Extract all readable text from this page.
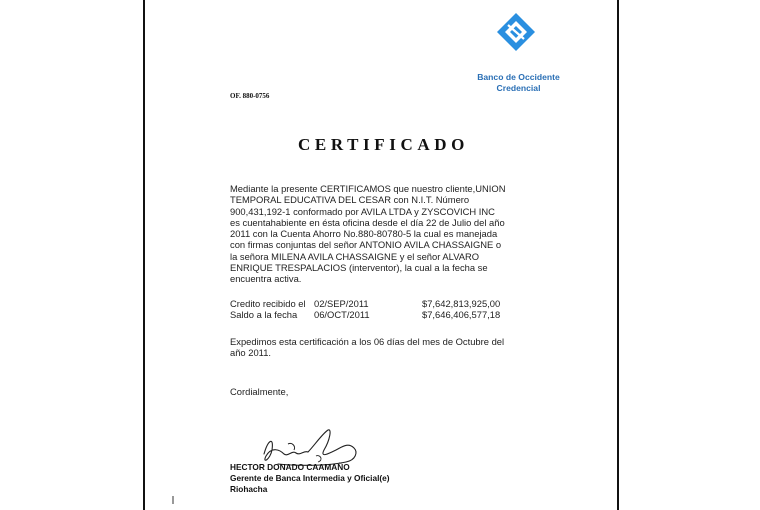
Banco de Occidente
Credencial
OF. 880-0756
CERTIFICADO
Mediante la presente CERTIFICAMOS que nuestro cliente,UNION
TEMPORAL EDUCATIVA DEL CESAR con N.I.T. Número
900,431,192-1 conformado por AVILA LTDA y ZYSCOVICH INC
es cuentahabiente en ésta oficina desde el día 22 de Julio del año
2011 con la Cuenta Ahorro No.880-80780-5 la cual es manejada
con firmas conjuntas del señor ANTONIO AVILA CHASSAIGNE o
la señora MILENA AVILA CHASSAIGNE y el señor ALVARO
ENRIQUE TRESPALACIOS (interventor), la cual a la fecha se
encuentra activa.
Credito recibido el 02/SEP/2011	$7,642,813,925,00
Saldo a la fecha	06/OCT/2011	$7,646,406,577,18
Expedimos esta certificación a los 06 días del mes de Octubre del
año 2011.
Cordialmente,
HECTOR DONADO CAAMAÑO
Gerente de Banca Intermedia y Oficial(e)
Riohacha
